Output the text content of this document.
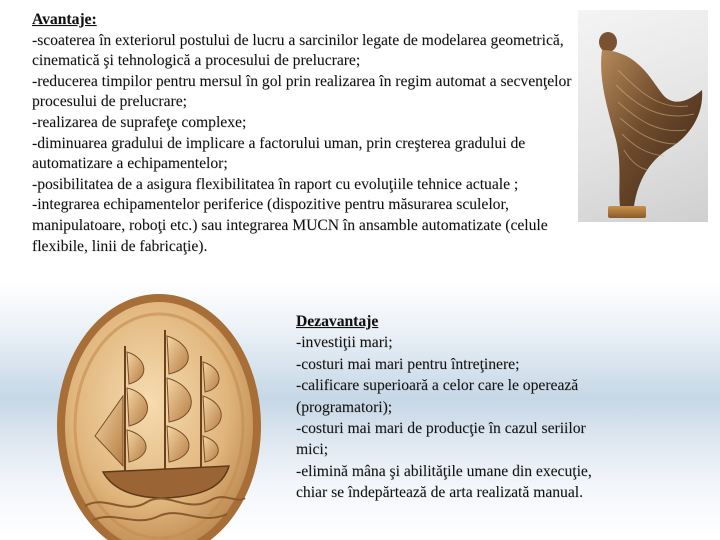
Avantaje:
-scoaterea în exteriorul postului de lucru a sarcinilor legate de modelarea geometrică,
cinematică şi tehnologică a procesului de prelucrare;
-reducerea timpilor pentru mersul în gol prin realizarea în regim automat a secvenţelor
procesului de prelucrare;
-realizarea de suprafeţe complexe;
-diminuarea gradului de implicare a factorului uman, prin creşterea gradului de
automatizare a echipamentelor;
-posibilitatea de a asigura flexibilitatea în raport cu evoluţiile tehnice actuale ;
-integrarea echipamentelor periferice (dispozitive pentru măsurarea sculelor,
manipulatoare, roboţi etc.) sau integrarea MUCN în ansamble automatizate (celule
flexibile, linii de fabricaţie).
Dezavantaje
-investiţii mari;
-costuri mai mari pentru întreţinere;
-calificare superioară a celor care le operează
(programatori);
-costuri mai mari de producţie în cazul seriilor
mici;
-elimină mâna şi abilităţile umane din execuţie,
chiar se îndepărtează de arta realizată manual.
